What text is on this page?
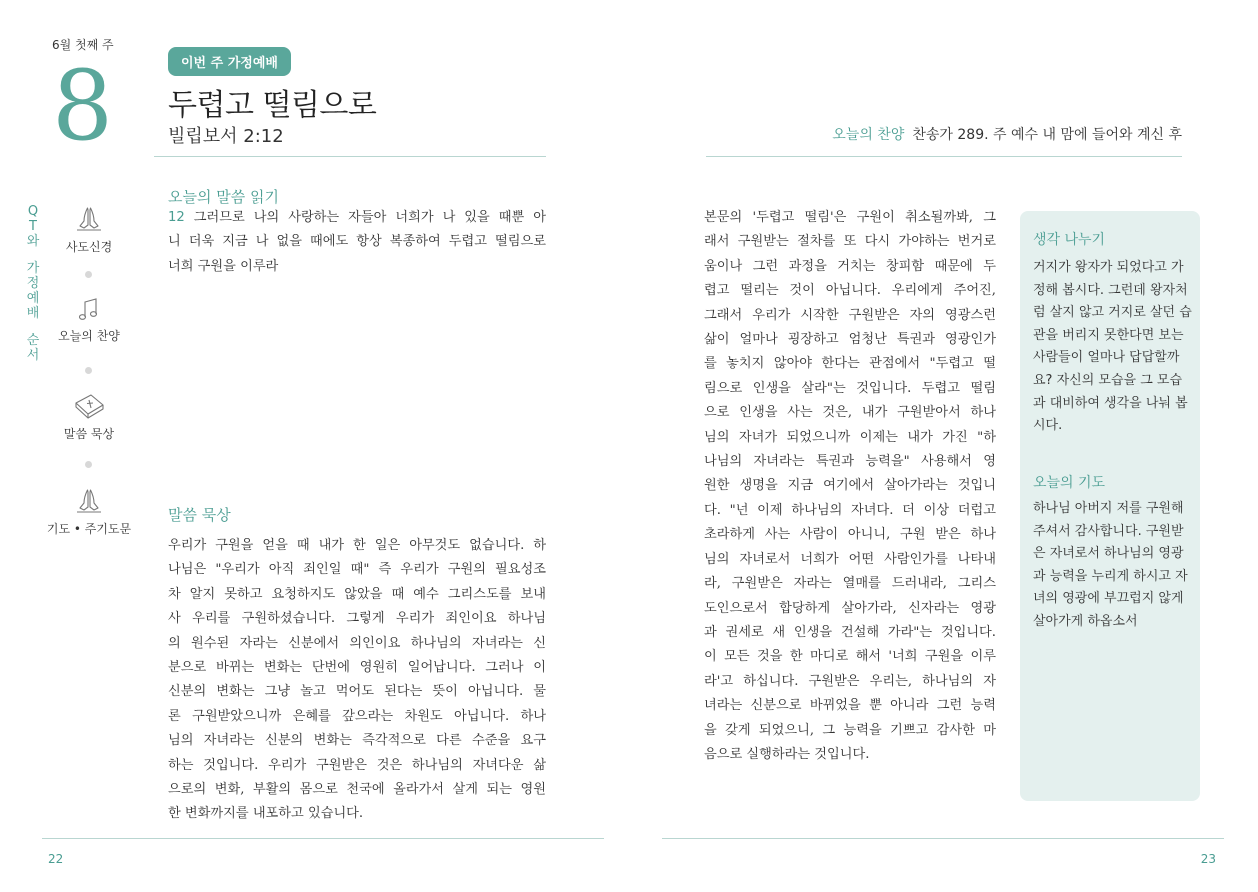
6월 첫째 주
8	이번 주 가정예배
두렵고 떨림으로
빌립보서 2:12	오늘의 찬양 찬송가 289. 주 예수 내 맘에 들어와 계신 후
Q
T
와
가
정
예
배
순
서
사도신경
오늘의 찬양
말씀 묵상
기도 • 주기도문
오늘의 말씀 읽기
12 그러므로 나의 사랑하는 자들아 너희가 나 있을 때뿐 아
니 더욱 지금 나 없을 때에도 항상 복종하여 두렵고 떨림으로
너희 구원을 이루라
말씀 묵상
우리가 구원을 얻을 때 내가 한 일은 아무것도 없습니다. 하
나님은 "우리가 아직 죄인일 때" 즉 우리가 구원의 필요성조
차 알지 못하고 요청하지도 않았을 때 예수 그리스도를 보내
사 우리를 구원하셨습니다. 그렇게 우리가 죄인이요 하나님
의 원수된 자라는 신분에서 의인이요 하나님의 자녀라는 신
분으로 바뀌는 변화는 단번에 영원히 일어납니다. 그러나 이
신분의 변화는 그냥 놀고 먹어도 된다는 뜻이 아닙니다. 물
론 구원받았으니까 은혜를 갚으라는 차원도 아닙니다. 하나
님의 자녀라는 신분의 변화는 즉각적으로 다른 수준을 요구
하는 것입니다. 우리가 구원받은 것은 하나님의 자녀다운 삶
으로의 변화, 부활의 몸으로 천국에 올라가서 살게 되는 영원
한 변화까지를 내포하고 있습니다.
본문의 '두렵고 떨림'은 구원이 취소될까봐, 그
래서 구원받는 절차를 또 다시 가야하는 번거로
움이나 그런 과정을 거치는 창피함 때문에 두
렵고 떨리는 것이 아닙니다. 우리에게 주어진,
그래서 우리가 시작한 구원받은 자의 영광스런
삶이 얼마나 굉장하고 엄청난 특권과 영광인가
를 놓치지 않아야 한다는 관점에서 "두렵고 떨
림으로 인생을 살라"는 것입니다. 두렵고 떨림
으로 인생을 사는 것은, 내가 구원받아서 하나
님의 자녀가 되었으니까 이제는 내가 가진 "하
나님의 자녀라는 특권과 능력을" 사용해서 영
원한 생명을 지금 여기에서 살아가라는 것입니
다. "넌 이제 하나님의 자녀다. 더 이상 더럽고
초라하게 사는 사람이 아니니, 구원 받은 하나
님의 자녀로서 너희가 어떤 사람인가를 나타내
라, 구원받은 자라는 열매를 드러내라, 그리스
도인으로서 합당하게 살아가라, 신자라는 영광
과 권세로 새 인생을 건설해 가라"는 것입니다.
이 모든 것을 한 마디로 해서 '너희 구원을 이루
라'고 하십니다. 구원받은 우리는, 하나님의 자
녀라는 신분으로 바뀌었을 뿐 아니라 그런 능력
을 갖게 되었으니, 그 능력을 기쁘고 감사한 마
음으로 실행하라는 것입니다.
생각 나누기
거지가 왕자가 되었다고 가
정해 봅시다. 그런데 왕자처
럼 살지 않고 거지로 살던 습
관을 버리지 못한다면 보는
사람들이 얼마나 답답할까
요? 자신의 모습을 그 모습
과 대비하여 생각을 나눠 봅
시다.
오늘의 기도
하나님 아버지 저를 구원해
주셔서 감사합니다. 구원받
은 자녀로서 하나님의 영광
과 능력을 누리게 하시고 자
녀의 영광에 부끄럽지 않게
살아가게 하옵소서
22	23
